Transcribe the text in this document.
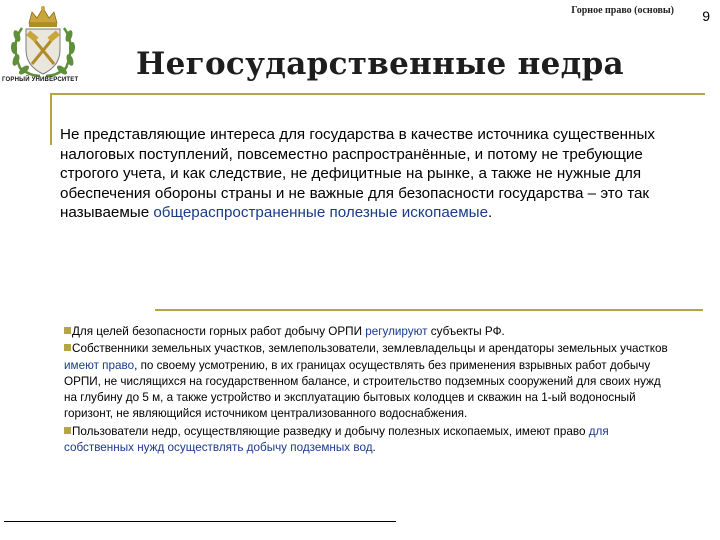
ГОРНЫЙ УНИВЕРСИТЕТ
Горное право (основы) 9
Негосударственные недра

Не представляющие интереса для государства в качестве источника существенных налоговых поступлений, повсеместно распространённые, и потому не требующие строгого учета, и как следствие, не дефицитные на рынке, а также не нужные для обеспечения обороны страны и не важные для безопасности государства – это так называемые общераспространенные полезные ископаемые.

Для целей безопасности горных работ добычу ОРПИ регулируют субъекты РФ.
Собственники земельных участков, землепользователи, землевладельцы и арендаторы земельных участков имеют право, по своему усмотрению, в их границах осуществлять без применения взрывных работ добычу ОРПИ, не числящихся на государственном балансе, и строительство подземных сооружений для своих нужд на глубину до 5 м, а также устройство и эксплуатацию бытовых колодцев и скважин на 1-ый водоносный горизонт, не являющийся источником централизованного водоснабжения.
Пользователи недр, осуществляющие разведку и добычу полезных ископаемых, имеют право для собственных нужд осуществлять добычу подземных вод.
